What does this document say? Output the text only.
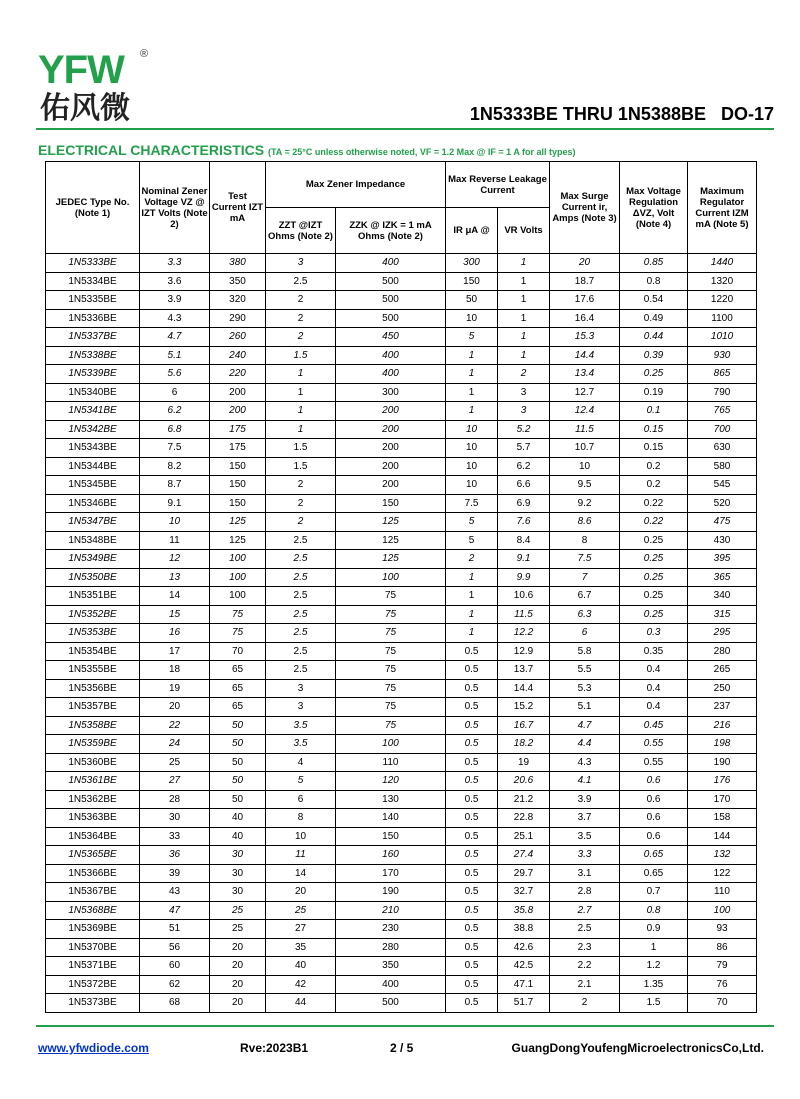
YFW ®
佑风微	1N5333BE THRU 1N5388BE   DO-17
ELECTRICAL CHARACTERISTICS (TA = 25°C unless otherwise noted, VF = 1.2 Max @ IF = 1 A for all types)
JEDEC Type No. (Note 1)	Nominal Zener Voltage VZ @ IZT Volts (Note 2)	Test Current IZT mA	Max Zener Impedance		Max Reverse Leakage Current		Max Surge Current ir, Amps (Note 3)	Max Voltage Regulation ΔVZ, Volt (Note 4)	Maximum Regulator Current IZM mA (Note 5)
			ZZT @IZT Ohms (Note 2)	ZZK @ IZK = 1 mA Ohms (Note 2)	IR μA @	VR Volts			
1N5333BE	3.3	380	3	400	300	1	20	0.85	1440
1N5334BE	3.6	350	2.5	500	150	1	18.7	0.8	1320
1N5335BE	3.9	320	2	500	50	1	17.6	0.54	1220
1N5336BE	4.3	290	2	500	10	1	16.4	0.49	1100
1N5337BE	4.7	260	2	450	5	1	15.3	0.44	1010
1N5338BE	5.1	240	1.5	400	1	1	14.4	0.39	930
1N5339BE	5.6	220	1	400	1	2	13.4	0.25	865
1N5340BE	6	200	1	300	1	3	12.7	0.19	790
1N5341BE	6.2	200	1	200	1	3	12.4	0.1	765
1N5342BE	6.8	175	1	200	10	5.2	11.5	0.15	700
1N5343BE	7.5	175	1.5	200	10	5.7	10.7	0.15	630
1N5344BE	8.2	150	1.5	200	10	6.2	10	0.2	580
1N5345BE	8.7	150	2	200	10	6.6	9.5	0.2	545
1N5346BE	9.1	150	2	150	7.5	6.9	9.2	0.22	520
1N5347BE	10	125	2	125	5	7.6	8.6	0.22	475
1N5348BE	11	125	2.5	125	5	8.4	8	0.25	430
1N5349BE	12	100	2.5	125	2	9.1	7.5	0.25	395
1N5350BE	13	100	2.5	100	1	9.9	7	0.25	365
1N5351BE	14	100	2.5	75	1	10.6	6.7	0.25	340
1N5352BE	15	75	2.5	75	1	11.5	6.3	0.25	315
1N5353BE	16	75	2.5	75	1	12.2	6	0.3	295
1N5354BE	17	70	2.5	75	0.5	12.9	5.8	0.35	280
1N5355BE	18	65	2.5	75	0.5	13.7	5.5	0.4	265
1N5356BE	19	65	3	75	0.5	14.4	5.3	0.4	250
1N5357BE	20	65	3	75	0.5	15.2	5.1	0.4	237
1N5358BE	22	50	3.5	75	0.5	16.7	4.7	0.45	216
1N5359BE	24	50	3.5	100	0.5	18.2	4.4	0.55	198
1N5360BE	25	50	4	110	0.5	19	4.3	0.55	190
1N5361BE	27	50	5	120	0.5	20.6	4.1	0.6	176
1N5362BE	28	50	6	130	0.5	21.2	3.9	0.6	170
1N5363BE	30	40	8	140	0.5	22.8	3.7	0.6	158
1N5364BE	33	40	10	150	0.5	25.1	3.5	0.6	144
1N5365BE	36	30	11	160	0.5	27.4	3.3	0.65	132
1N5366BE	39	30	14	170	0.5	29.7	3.1	0.65	122
1N5367BE	43	30	20	190	0.5	32.7	2.8	0.7	110
1N5368BE	47	25	25	210	0.5	35.8	2.7	0.8	100
1N5369BE	51	25	27	230	0.5	38.8	2.5	0.9	93
1N5370BE	56	20	35	280	0.5	42.6	2.3	1	86
1N5371BE	60	20	40	350	0.5	42.5	2.2	1.2	79
1N5372BE	62	20	42	400	0.5	47.1	2.1	1.35	76
1N5373BE	68	20	44	500	0.5	51.7	2	1.5	70
www.yfwdiode.com	Rve:2023B1	2 / 5	GuangDongYoufengMicroelectronicsCo,Ltd.
